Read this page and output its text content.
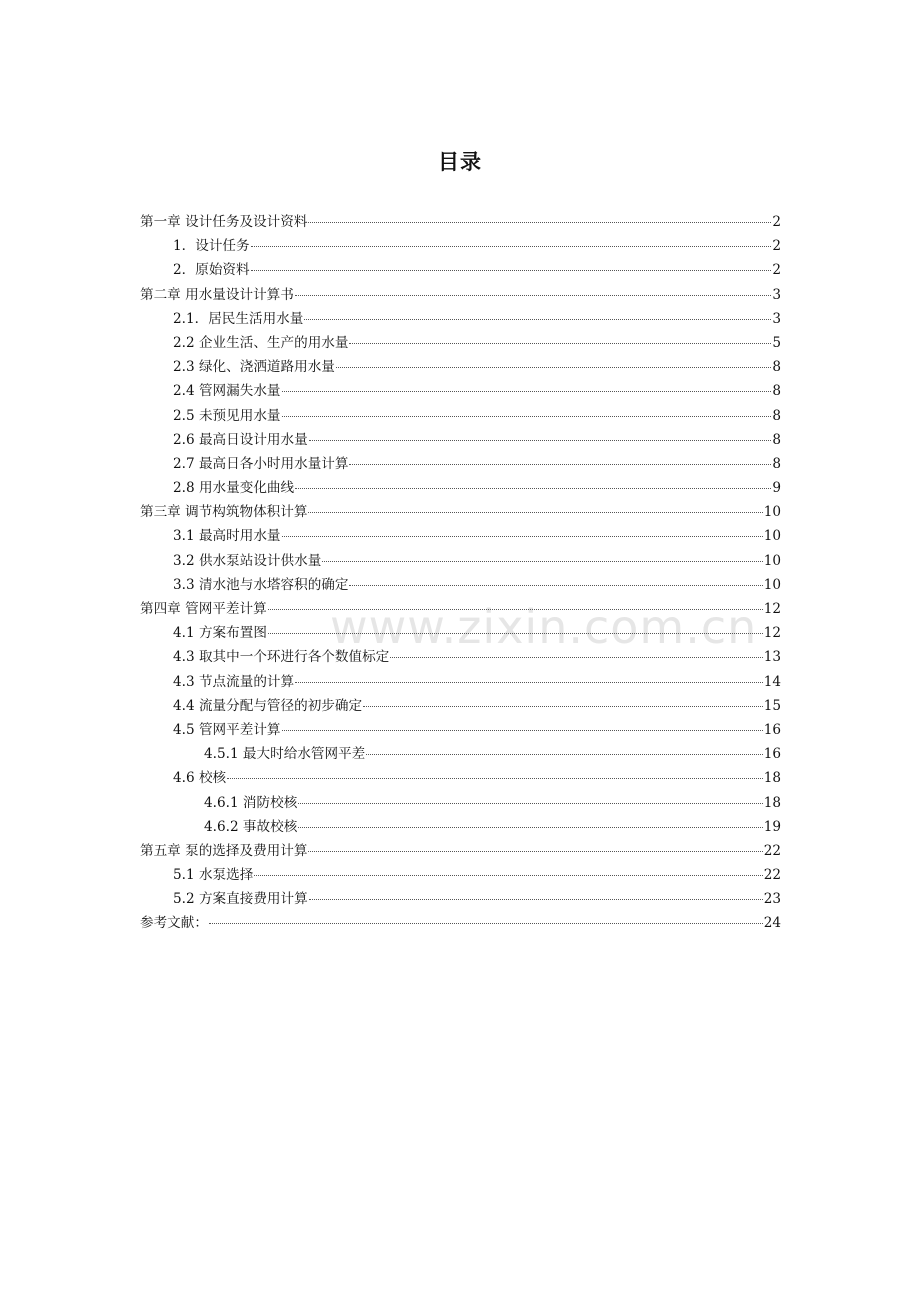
www.zixin.com.cn
目录
第一章 设计任务及设计资料	2
1．设计任务	2
2．原始资料	2
第二章 用水量设计计算书	3
2.1．居民生活用水量	3
2.2 企业生活、生产的用水量	5
2.3 绿化、浇洒道路用水量	8
2.4 管网漏失水量	8
2.5 未预见用水量	8
2.6 最高日设计用水量	8
2.7 最高日各小时用水量计算	8
2.8 用水量变化曲线	9
第三章 调节构筑物体积计算	10
3.1 最高时用水量	10
3.2 供水泵站设计供水量	10
3.3 清水池与水塔容积的确定	10
第四章 管网平差计算	12
4.1 方案布置图	12
4.3 取其中一个环进行各个数值标定	13
4.3 节点流量的计算	14
4.4 流量分配与管径的初步确定	15
4.5 管网平差计算	16
4.5.1 最大时给水管网平差	16
4.6 校核	18
4.6.1 消防校核	18
4.6.2 事故校核	19
第五章 泵的选择及费用计算	22
5.1 水泵选择	22
5.2 方案直接费用计算	23
参考文献：	24
